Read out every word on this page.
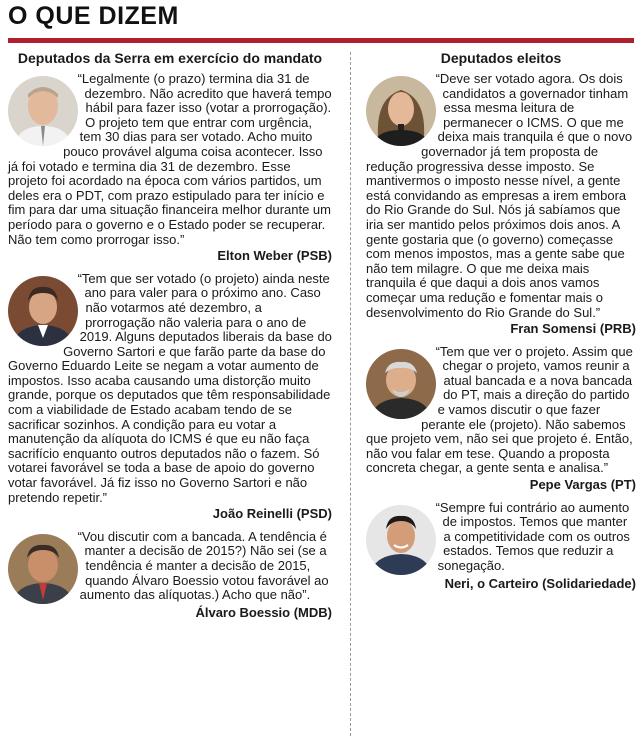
O QUE DIZEM
Deputados da Serra em exercício do mandato

“Legalmente (o prazo) termina dia 31 de dezembro. Não acredito que haverá tempo hábil para fazer isso (votar a prorrogação). O projeto tem que entrar com urgência, tem 30 dias para ser votado. Acho muito pouco provável alguma coisa acontecer. Isso já foi votado e termina dia 31 de dezembro. Esse projeto foi acordado na época com vários partidos, um deles era o PDT, com prazo estipulado para ter início e fim para dar uma situação financeira melhor durante um período para o governo e o Estado poder se recuperar. Não tem como prorrogar isso.”

Elton Weber (PSB)

“Tem que ser votado (o projeto) ainda neste ano para valer para o próximo ano. Caso não votarmos até dezembro, a prorrogação não valeria para o ano de 2019. Alguns deputados liberais da base do Governo Sartori e que farão parte da base do Governo Eduardo Leite se negam a votar aumento de impostos. Isso acaba causando uma distorção muito grande, porque os deputados que têm responsabilidade com a viabilidade de Estado acabam tendo de se sacrificar sozinhos. A condição para eu votar a manutenção da alíquota do ICMS é que eu não faça sacrifício enquanto outros deputados não o fazem. Só votarei favorável se toda a base de apoio do governo votar favorável. Já fiz isso no Governo Sartori e não pretendo repetir.”

João Reinelli (PSD)

“Vou discutir com a bancada. A tendência é manter a decisão de 2015?) Não sei (se a tendência é manter a decisão de 2015, quando Álvaro Boessio votou favorável ao aumento das alíquotas.) Acho que não”.

Álvaro Boessio (MDB)
Deputados eleitos

“Deve ser votado agora. Os dois candidatos a governador tinham essa mesma leitura de permanecer o ICMS. O que me deixa mais tranquila é que o novo governador já tem proposta de redução progressiva desse imposto. Se mantivermos o imposto nesse nível, a gente está convidando as empresas a irem embora do Rio Grande do Sul. Nós já sabíamos que iria ser mantido pelos próximos dois anos. A gente gostaria que (o governo) começasse com menos impostos, mas a gente sabe que não tem milagre. O que me deixa mais tranquila é que daqui a dois anos vamos começar uma redução e fomentar mais o desenvolvimento do Rio Grande do Sul.”

Fran Somensi (PRB)

“Tem que ver o projeto. Assim que chegar o projeto, vamos reunir a atual bancada e a nova bancada do PT, mais a direção do partido e vamos discutir o que fazer perante ele (projeto). Não sabemos que projeto vem, não sei que projeto é. Então, não vou falar em tese. Quando a proposta concreta chegar, a gente senta e analisa.”

Pepe Vargas (PT)

“Sempre fui contrário ao aumento de impostos. Temos que manter a competitividade com os outros estados. Temos que reduzir a sonegação.

Neri, o Carteiro (Solidariedade)
